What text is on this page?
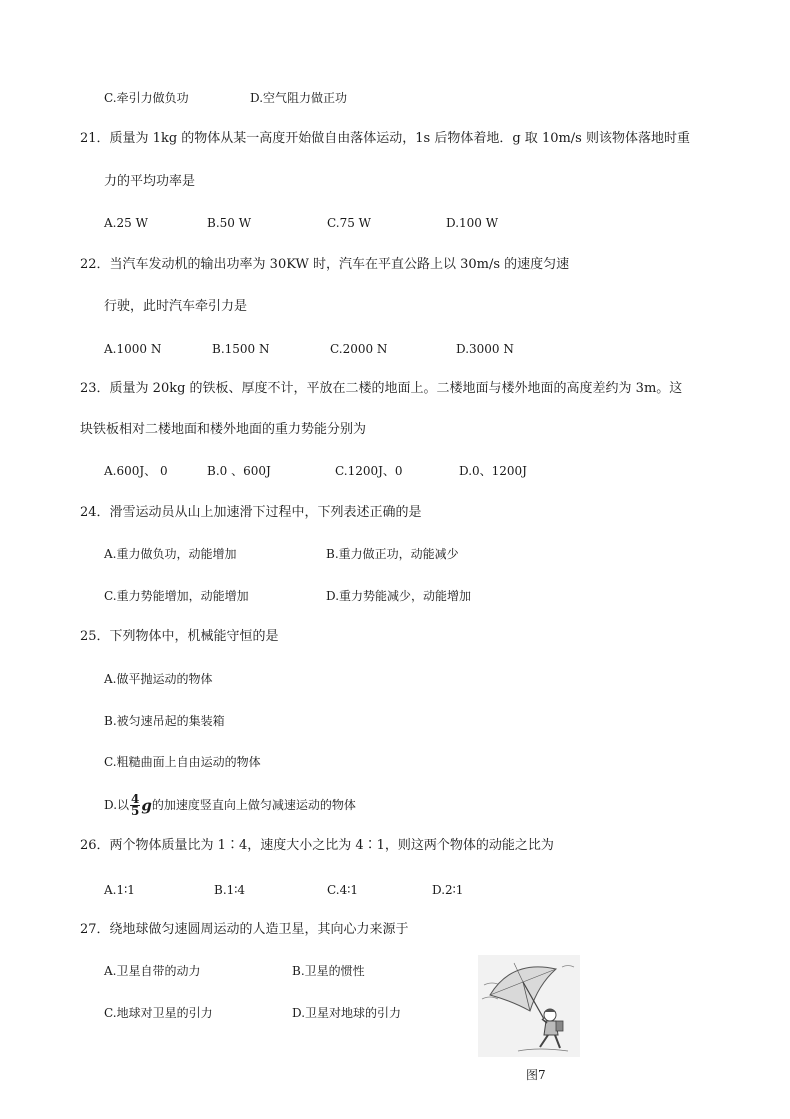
C.牵引力做负功	D.空气阻力做正功
21．质量为 1kg 的物体从某一高度开始做自由落体运动，1s 后物体着地．g 取 10m/s 则该物体落地时重
力的平均功率是
A.25 W	B.50 W	C.75 W	D.100 W
22．当汽车发动机的输出功率为 30KW 时，汽车在平直公路上以 30m/s 的速度匀速
行驶，此时汽车牵引力是
A.1000 N	B.1500 N	C.2000 N	D.3000 N
23．质量为 20kg 的铁板、厚度不计，平放在二楼的地面上。二楼地面与楼外地面的高度差约为 3m。这
块铁板相对二楼地面和楼外地面的重力势能分别为
A.600J、 0	B.0 、600J	C.1200J、0	D.0、1200J
24．滑雪运动员从山上加速滑下过程中，下列表述正确的是
A.重力做负功，动能增加	B.重力做正功，动能减少
C.重力势能增加，动能增加	D.重力势能减少，动能增加
25．下列物体中，机械能守恒的是
A.做平抛运动的物体
B.被匀速吊起的集装箱
C.粗糙曲面上自由运动的物体
D.以 $\frac{4}{5}$ g的加速度竖直向上做匀减速运动的物体
26．两个物体质量比为 1∶4，速度大小之比为 4∶1，则这两个物体的动能之比为
A.1∶1	B.1∶4	C.4∶1	D.2∶1
27．绕地球做匀速圆周运动的人造卫星，其向心力来源于
A.卫星自带的动力	B.卫星的惯性
C.地球对卫星的引力	D.卫星对地球的引力
图7
